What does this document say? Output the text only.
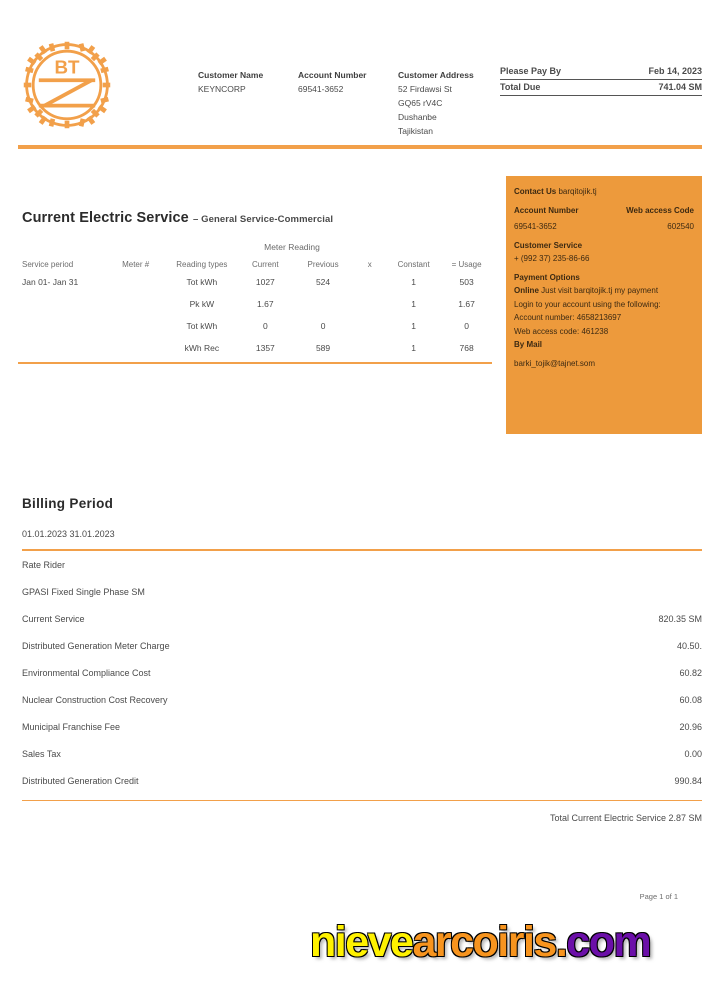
BT	Customer Name
KEYNCORP
Account Number
69541-3652
Customer Address
52 Firdawsi St
GQ65 rV4C
Dushanbe
Tajikistan
Please Pay By	Feb 14, 2023
Total Due	741.04 SM
Current Electric Service – General Service-Commercial
Meter Reading
Service period	Meter #	Reading types	Current	Previous	x	Constant	= Usage
Jan 01- Jan 31		Tot kWh	1027	524		1	503
		Pk kW	1.67			1	1.67
		Tot kWh	0	0		1	0
		kWh Rec	1357	589		1	768
Contact Us barqitojik.tj
Account Number	Web access Code
69541-3652	602540
Customer Service
+ (992 37) 235-86-66
Payment Options
Online Just visit barqitojik.tj my payment
Login to your account using the following:
Account number: 4658213697
Web access code: 461238
By Mail
barki_tojik@tajnet.som
Billing Period
01.01.2023 31.01.2023
Rate Rider
GPASI Fixed Single Phase SM
Current Service	820.35 SM
Distributed Generation Meter Charge	40.50.
Environmental Compliance Cost	60.82
Nuclear Construction Cost Recovery	60.08
Municipal Franchise Fee	20.96
Sales Tax	0.00
Distributed Generation Credit	990.84
Total Current Electric Service 2.87 SM
Page 1 of 1
nievearcoiris.com
